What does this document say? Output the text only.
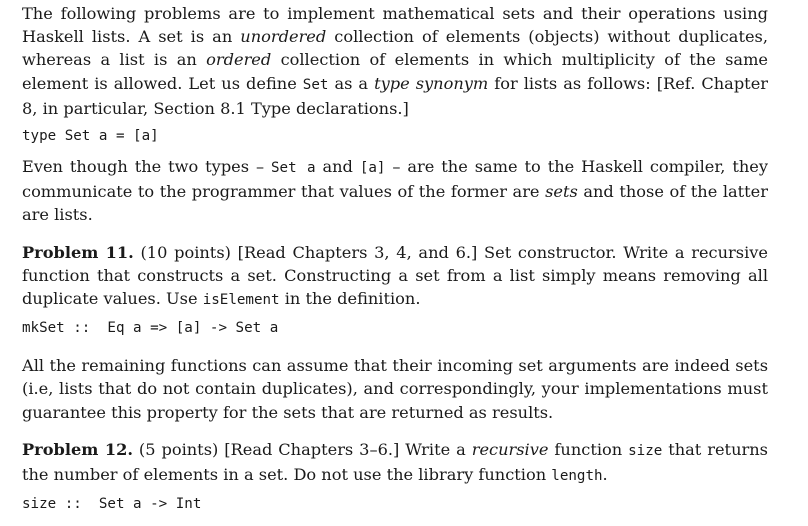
The following problems are to implement mathematical sets and their operations using Haskell lists. A set is an unordered collection of elements (objects) without duplicates, whereas a list is an ordered collection of elements in which multiplicity of the same element is allowed. Let us define Set as a type synonym for lists as follows: [Ref. Chapter 8, in particular, Section 8.1 Type declarations.]

type Set a = [a]

Even though the two types – Set a and [a] – are the same to the Haskell compiler, they communicate to the programmer that values of the former are sets and those of the latter are lists.

Problem 11. (10 points) [Read Chapters 3, 4, and 6.] Set constructor. Write a recursive function that constructs a set. Constructing a set from a list simply means removing all duplicate values. Use isElement in the definition.

mkSet ::  Eq a => [a] -> Set a

All the remaining functions can assume that their incoming set arguments are indeed sets (i.e, lists that do not contain duplicates), and correspondingly, your implementations must guarantee this property for the sets that are returned as results.

Problem 12. (5 points) [Read Chapters 3–6.] Write a recursive function size that returns the number of elements in a set. Do not use the library function length.

size ::  Set a -> Int
